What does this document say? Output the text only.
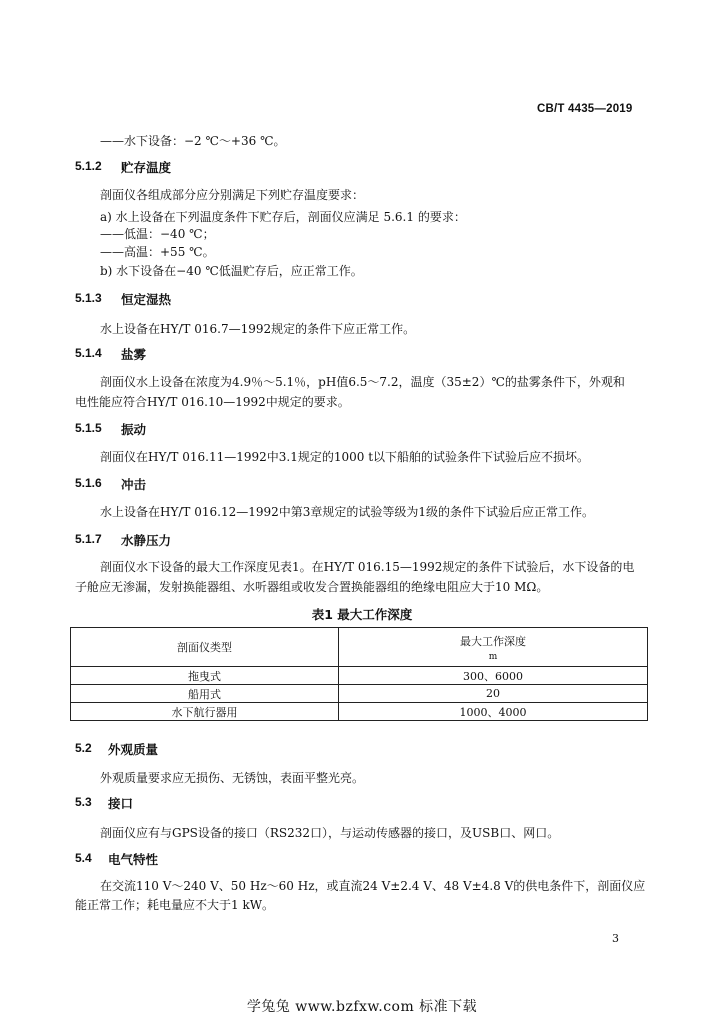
CB/T 4435—2019
——水下设备：−2 ℃～+36 ℃。
5.1.2 贮存温度
剖面仪各组成部分应分别满足下列贮存温度要求：
a) 水上设备在下列温度条件下贮存后，剖面仪应满足 5.6.1 的要求：
——低温：−40 ℃；
——高温：+55 ℃。
b) 水下设备在−40 ℃低温贮存后，应正常工作。
5.1.3 恒定湿热
水上设备在HY/T 016.7—1992规定的条件下应正常工作。
5.1.4 盐雾
剖面仪水上设备在浓度为4.9％～5.1％，pH值6.5～7.2，温度（35±2）℃的盐雾条件下，外观和
电性能应符合HY/T 016.10—1992中规定的要求。
5.1.5 振动
剖面仪在HY/T 016.11—1992中3.1规定的1000 t以下船舶的试验条件下试验后应不损坏。
5.1.6 冲击
水上设备在HY/T 016.12—1992中第3章规定的试验等级为1级的条件下试验后应正常工作。
5.1.7 水静压力
剖面仪水下设备的最大工作深度见表1。在HY/T 016.15—1992规定的条件下试验后，水下设备的电
子舱应无渗漏，发射换能器组、水听器组或收发合置换能器组的绝缘电阻应大于10 MΩ。
表1 最大工作深度
剖面仪类型	最大工作深度
m

拖曳式	300、6000
船用式	20
水下航行器用	1000、4000
5.2 外观质量
外观质量要求应无损伤、无锈蚀，表面平整光亮。
5.3 接口
剖面仪应有与GPS设备的接口（RS232口），与运动传感器的接口，及USB口、网口。
5.4 电气特性
在交流110 V～240 V、50 Hz～60 Hz，或直流24 V±2.4 V、48 V±4.8 V的供电条件下，剖面仪应
能正常工作；耗电量应不大于1 kW。
3
学兔兔 www.bzfxw.com 标准下载
